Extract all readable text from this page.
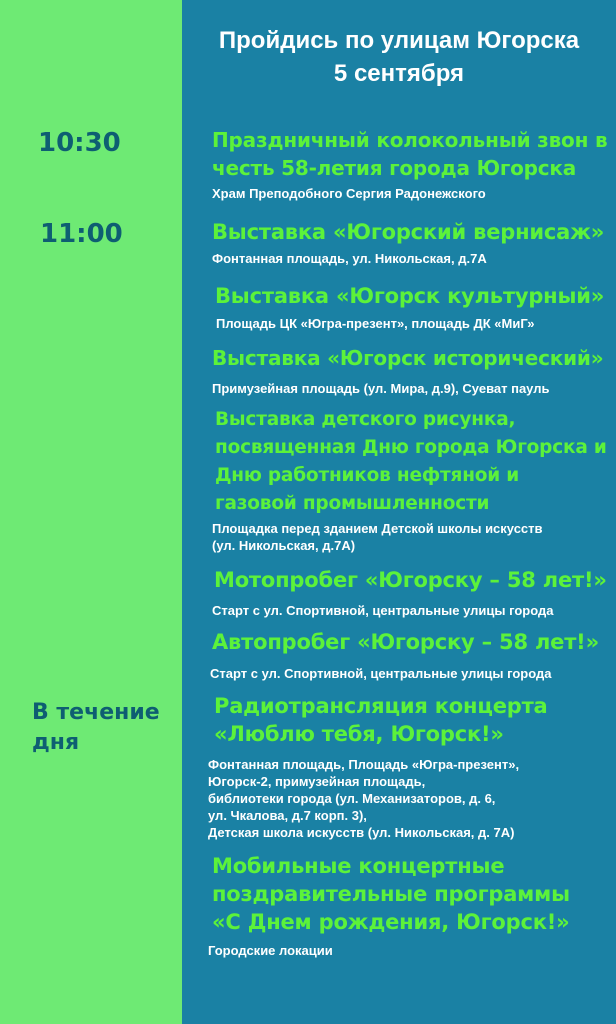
Пройдись по улицам Югорска
5 сентября
10:30
11:00
В течение
дня
Праздничный колокольный звон в
честь 58-летия города Югорска
Храм Преподобного Сергия Радонежского
Выставка «Югорский вернисаж»
Фонтанная площадь, ул. Никольская, д.7А
Выставка «Югорск культурный»
Площадь ЦК «Югра-презент», площадь ДК «МиГ»
Выставка «Югорск исторический»
Примузейная площадь (ул. Мира, д.9), Суеват пауль
Выставка детского рисунка,
посвященная Дню города Югорска и
Дню работников нефтяной и
газовой промышленности
Площадка перед зданием Детской школы искусств
(ул. Никольская, д.7А)
Мотопробег «Югорску – 58 лет!»
Старт с ул. Спортивной, центральные улицы города
Автопробег «Югорску – 58 лет!»
Старт с ул. Спортивной, центральные улицы города
Радиотрансляция концерта
«Люблю тебя, Югорск!»
Фонтанная площадь, Площадь «Югра-презент»,
Югорск-2, примузейная площадь,
библиотеки города (ул. Механизаторов, д. 6,
ул. Чкалова, д.7 корп. 3),
Детская школа искусств (ул. Никольская, д. 7А)
Мобильные концертные
поздравительные программы
«С Днем рождения, Югорск!»
Городские локации
